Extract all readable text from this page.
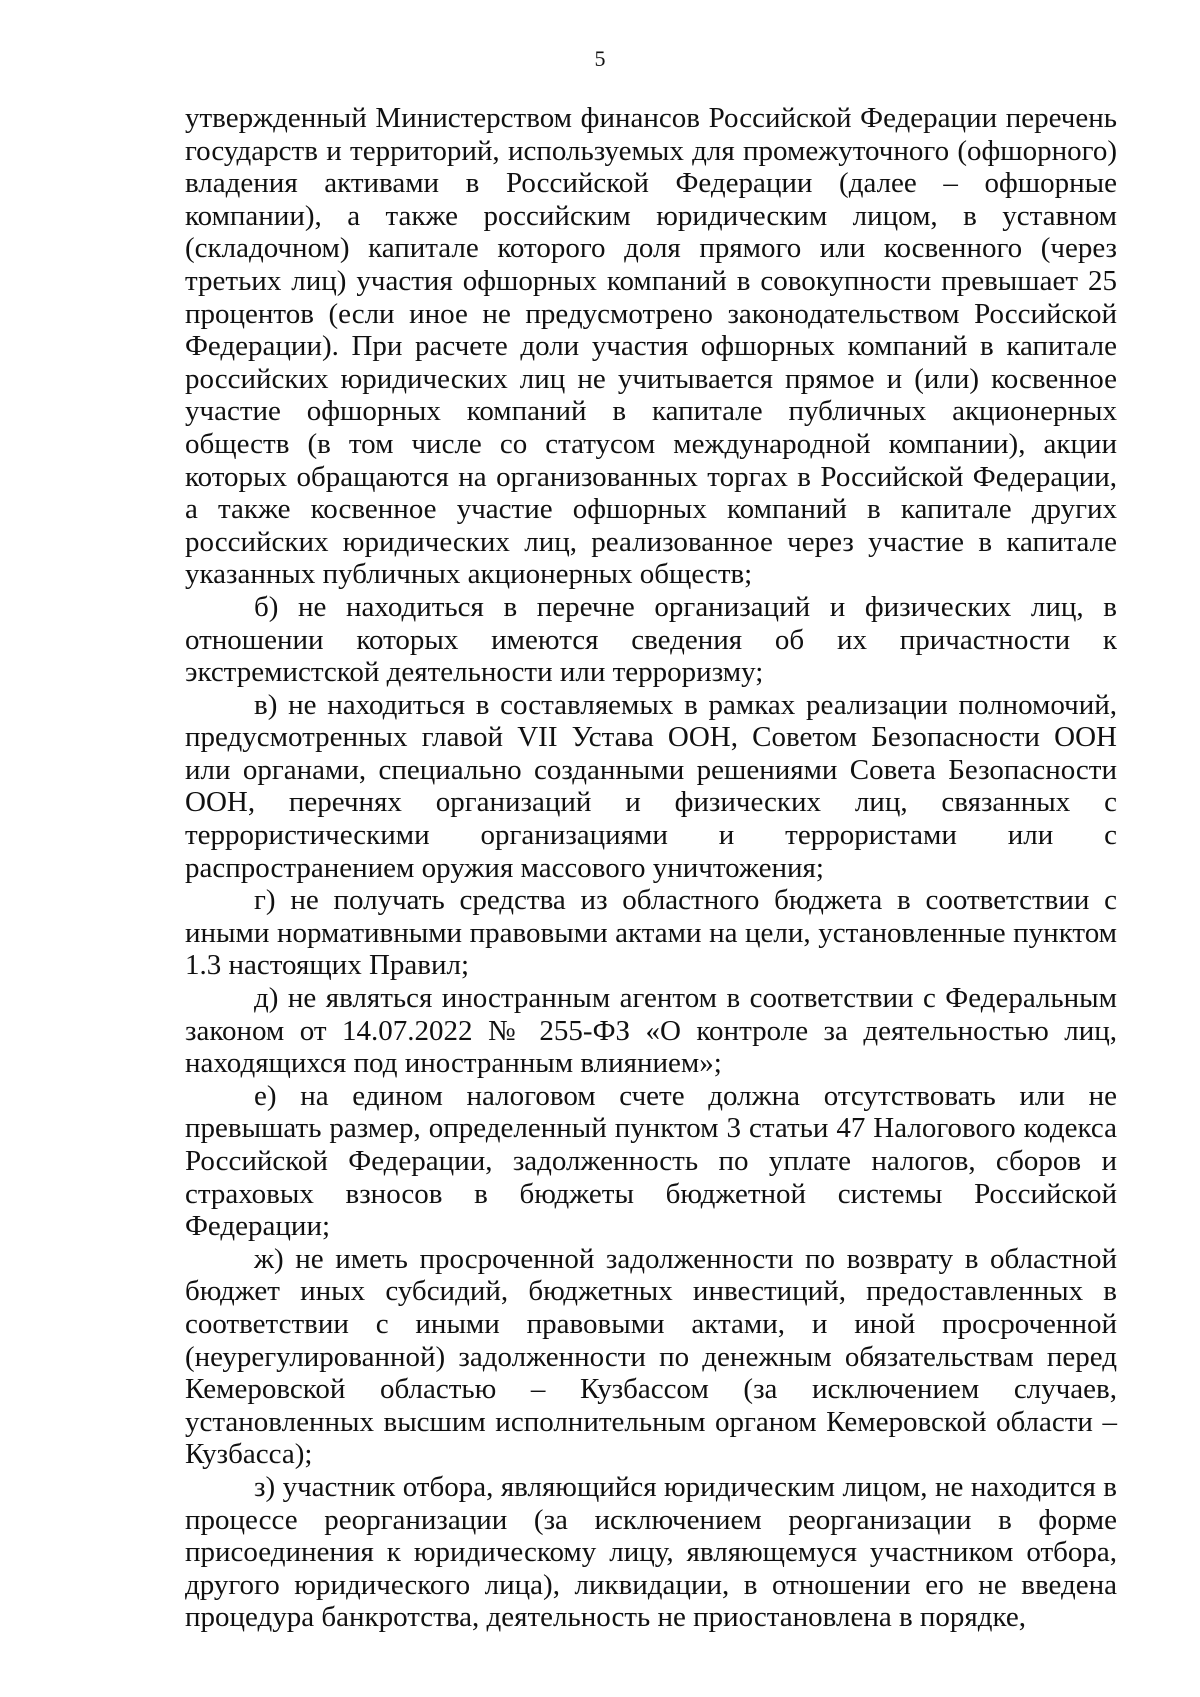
5

утвержденный Министерством финансов Российской Федерации перечень государств и территорий, используемых для промежуточного (офшорного) владения активами в Российской Федерации (далее – офшорные компании), а также российским юридическим лицом, в уставном (складочном) капитале которого доля прямого или косвенного (через третьих лиц) участия офшорных компаний в совокупности превышает 25 процентов (если иное не предусмотрено законодательством Российской Федерации). При расчете доли участия офшорных компаний в капитале российских юридических лиц не учитывается прямое и (или) косвенное участие офшорных компаний в капитале публичных акционерных обществ (в том числе со статусом международной компании), акции которых обращаются на организованных торгах в Российской Федерации, а также косвенное участие офшорных компаний в капитале других российских юридических лиц, реализованное через участие в капитале указанных публичных акционерных обществ;

б) не находиться в перечне организаций и физических лиц, в отношении которых имеются сведения об их причастности к экстремистской деятельности или терроризму;

в) не находиться в составляемых в рамках реализации полномочий, предусмотренных главой VII Устава ООН, Советом Безопасности ООН или органами, специально созданными решениями Совета Безопасности ООН, перечнях организаций и физических лиц, связанных с террористическими организациями и террористами или с распространением оружия массового уничтожения;

г) не получать средства из областного бюджета в соответствии с иными нормативными правовыми актами на цели, установленные пунктом 1.3 настоящих Правил;

д) не являться иностранным агентом в соответствии с Федеральным законом от 14.07.2022 № 255-ФЗ «О контроле за деятельностью лиц, находящихся под иностранным влиянием»;

е) на едином налоговом счете должна отсутствовать или не превышать размер, определенный пунктом 3 статьи 47 Налогового кодекса Российской Федерации, задолженность по уплате налогов, сборов и страховых взносов в бюджеты бюджетной системы Российской Федерации;

ж) не иметь просроченной задолженности по возврату в областной бюджет иных субсидий, бюджетных инвестиций, предоставленных в соответствии с иными правовыми актами, и иной просроченной (неурегулированной) задолженности по денежным обязательствам перед Кемеровской областью – Кузбассом (за исключением случаев, установленных высшим исполнительным органом Кемеровской области – Кузбасса);

з) участник отбора, являющийся юридическим лицом, не находится в процессе реорганизации (за исключением реорганизации в форме присоединения к юридическому лицу, являющемуся участником отбора, другого юридического лица), ликвидации, в отношении его не введена процедура банкротства, деятельность не приостановлена в порядке,
